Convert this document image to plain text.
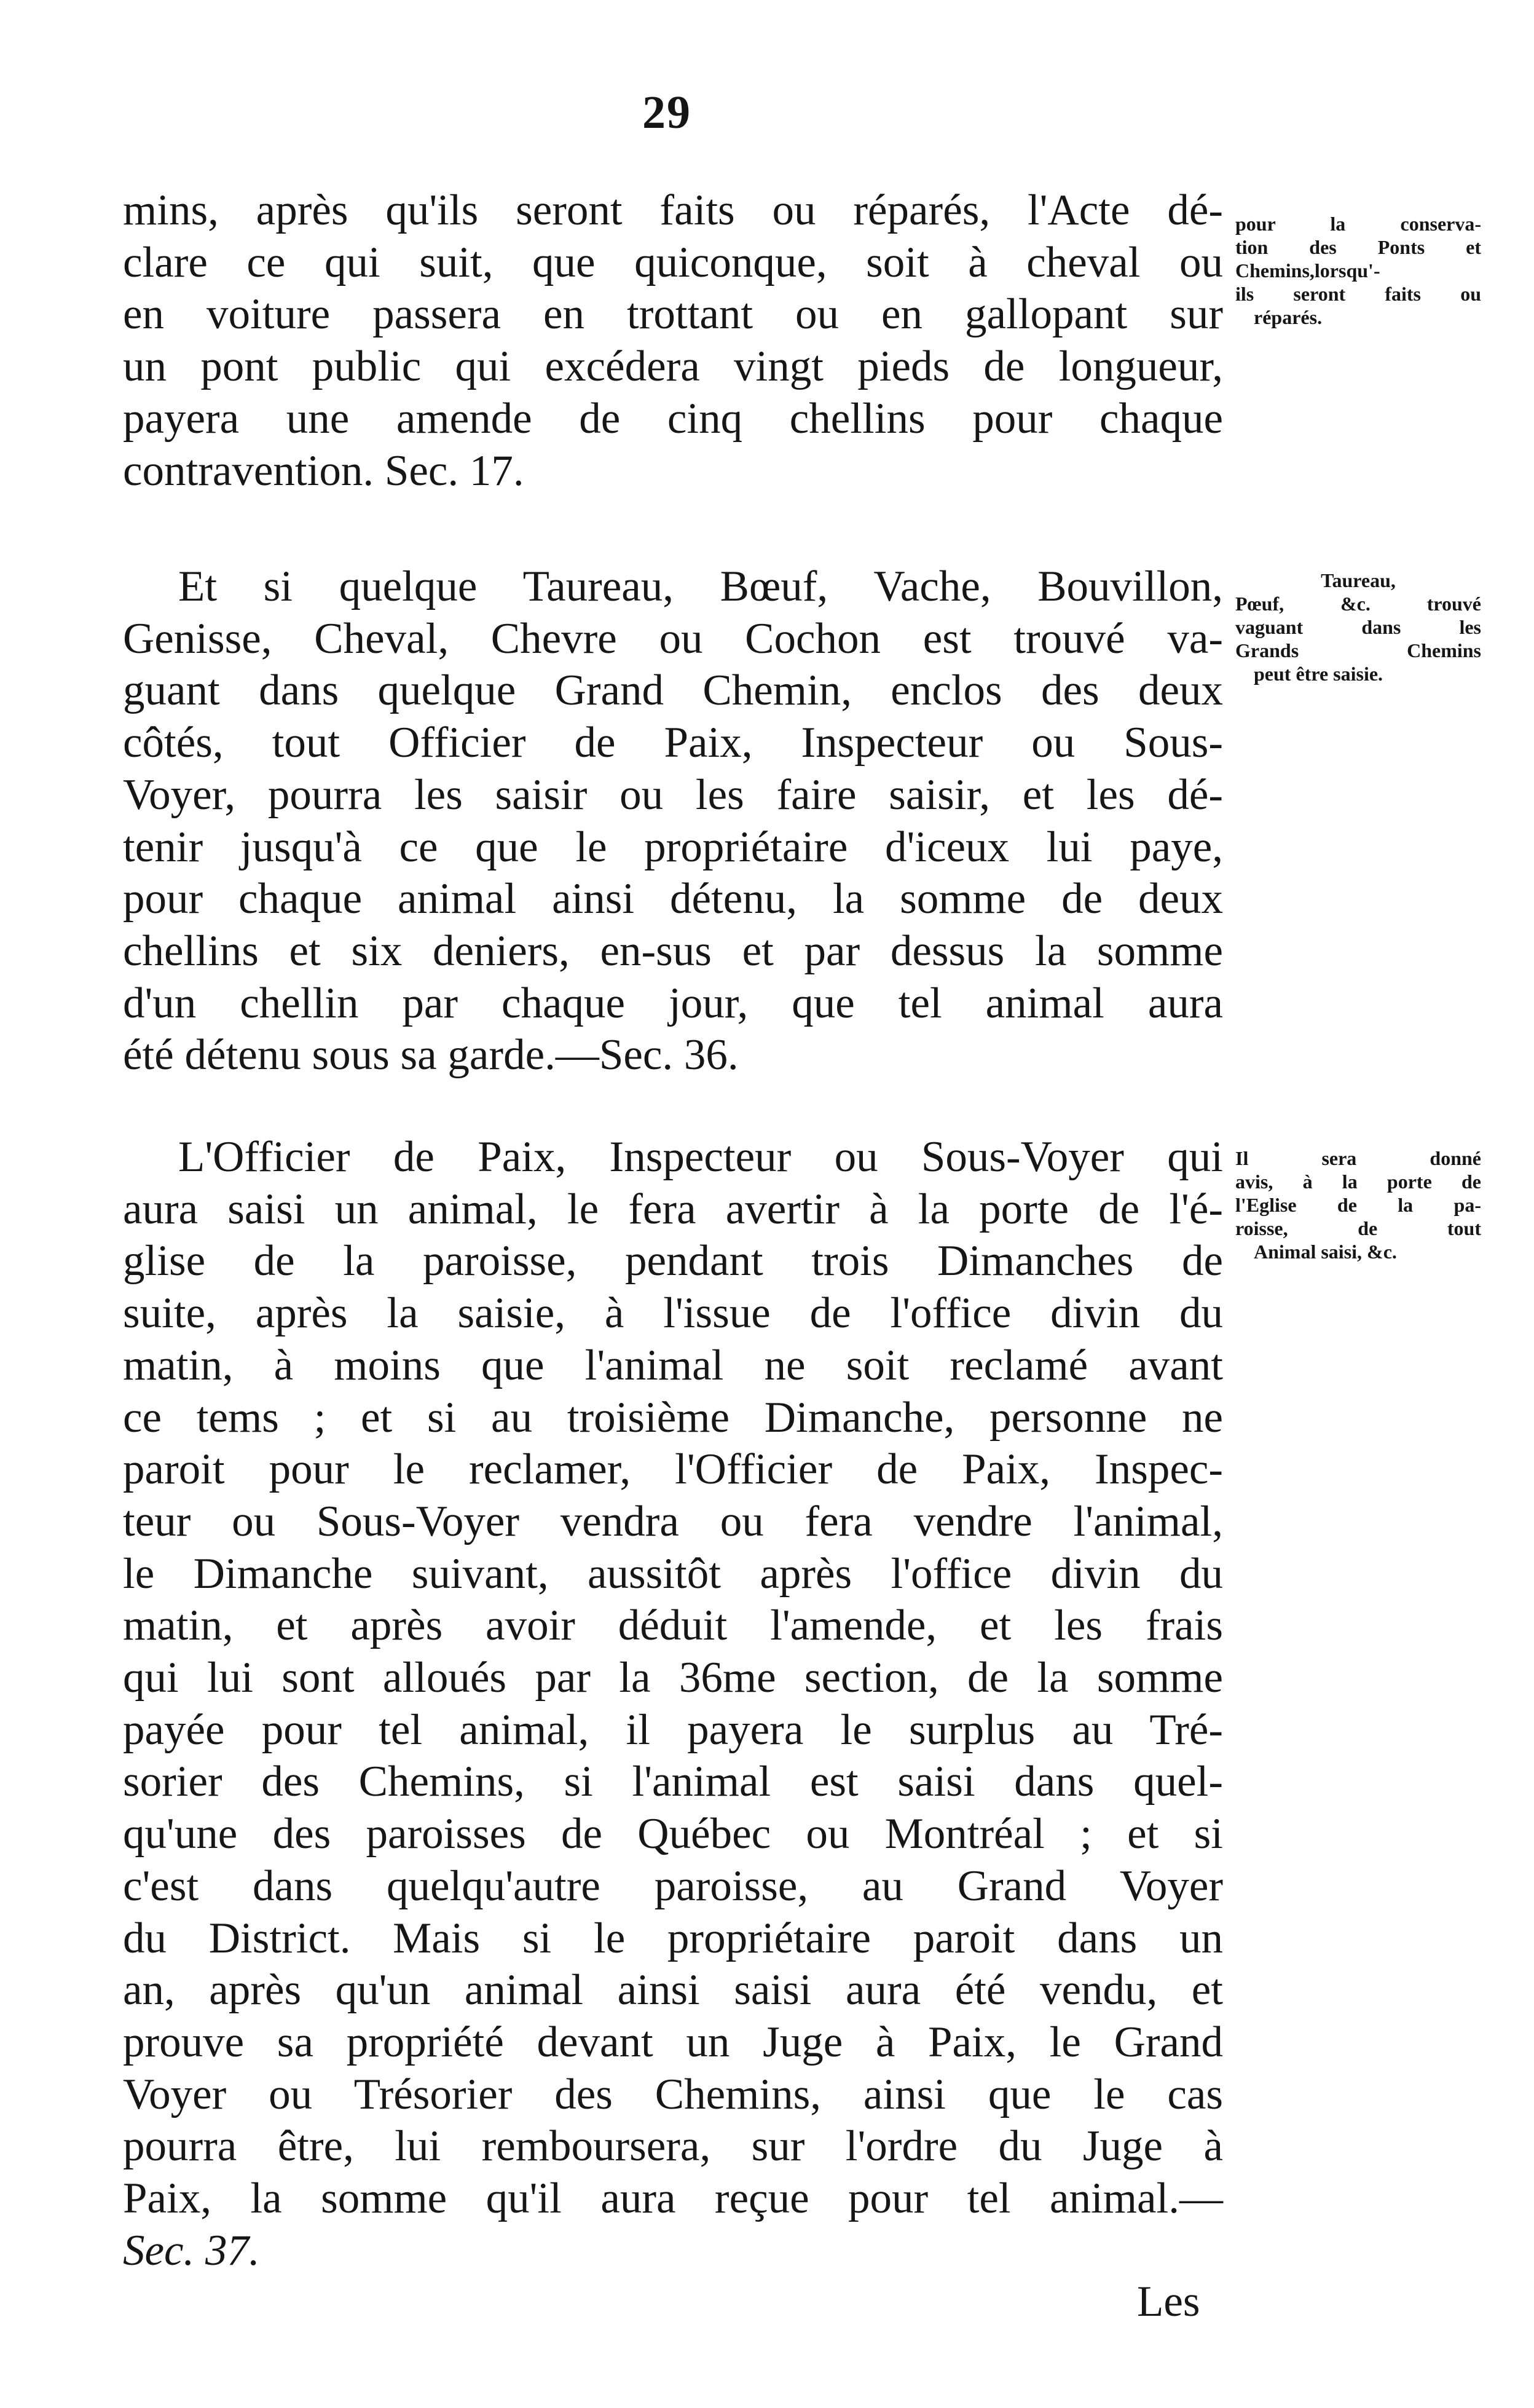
29
mins, après qu'ils seront faits ou réparés, l'Acte dé-
clare ce qui suit, que quiconque, soit à cheval ou
en voiture passera en trottant ou en gallopant sur
un pont public qui excédera vingt pieds de longueur,
payera une amende de cinq chellins pour chaque
contravention. Sec. 17.
pour la conserva-
tion des Ponts et
Chemins,lorsqu'-
ils seront faits ou
réparés.
Et si quelque Taureau, Bœuf, Vache, Bouvillon,
Genisse, Cheval, Chevre ou Cochon est trouvé va-
guant dans quelque Grand Chemin, enclos des deux
côtés, tout Officier de Paix, Inspecteur ou Sous-
Voyer, pourra les saisir ou les faire saisir, et les dé-
tenir jusqu'à ce que le propriétaire d'iceux lui paye,
pour chaque animal ainsi détenu, la somme de deux
chellins et six deniers, en-sus et par dessus la somme
d'un chellin par chaque jour, que tel animal aura
été détenu sous sa garde.—Sec. 36.
Taureau,
Pœuf, &c. trouvé
vaguant dans les
Grands Chemins
peut être saisie.
L'Officier de Paix, Inspecteur ou Sous-Voyer qui
aura saisi un animal, le fera avertir à la porte de l'é-
glise de la paroisse, pendant trois Dimanches de
suite, après la saisie, à l'issue de l'office divin du
matin, à moins que l'animal ne soit reclamé avant
ce tems ; et si au troisième Dimanche, personne ne
paroit pour le reclamer, l'Officier de Paix, Inspec-
teur ou Sous-Voyer vendra ou fera vendre l'animal,
le Dimanche suivant, aussitôt après l'office divin du
matin, et après avoir déduit l'amende, et les frais
qui lui sont alloués par la 36me section, de la somme
payée pour tel animal, il payera le surplus au Tré-
sorier des Chemins, si l'animal est saisi dans quel-
qu'une des paroisses de Québec ou Montréal ; et si
c'est dans quelqu'autre paroisse, au Grand Voyer
du District. Mais si le propriétaire paroit dans un
an, après qu'un animal ainsi saisi aura été vendu, et
prouve sa propriété devant un Juge à Paix, le Grand
Voyer ou Trésorier des Chemins, ainsi que le cas
pourra être, lui remboursera, sur l'ordre du Juge à
Paix, la somme qu'il aura reçue pour tel animal.—
Sec. 37.
Il sera donné
avis, à la porte de
l'Eglise de la pa-
roisse, de tout
Animal saisi, &c.
Les
